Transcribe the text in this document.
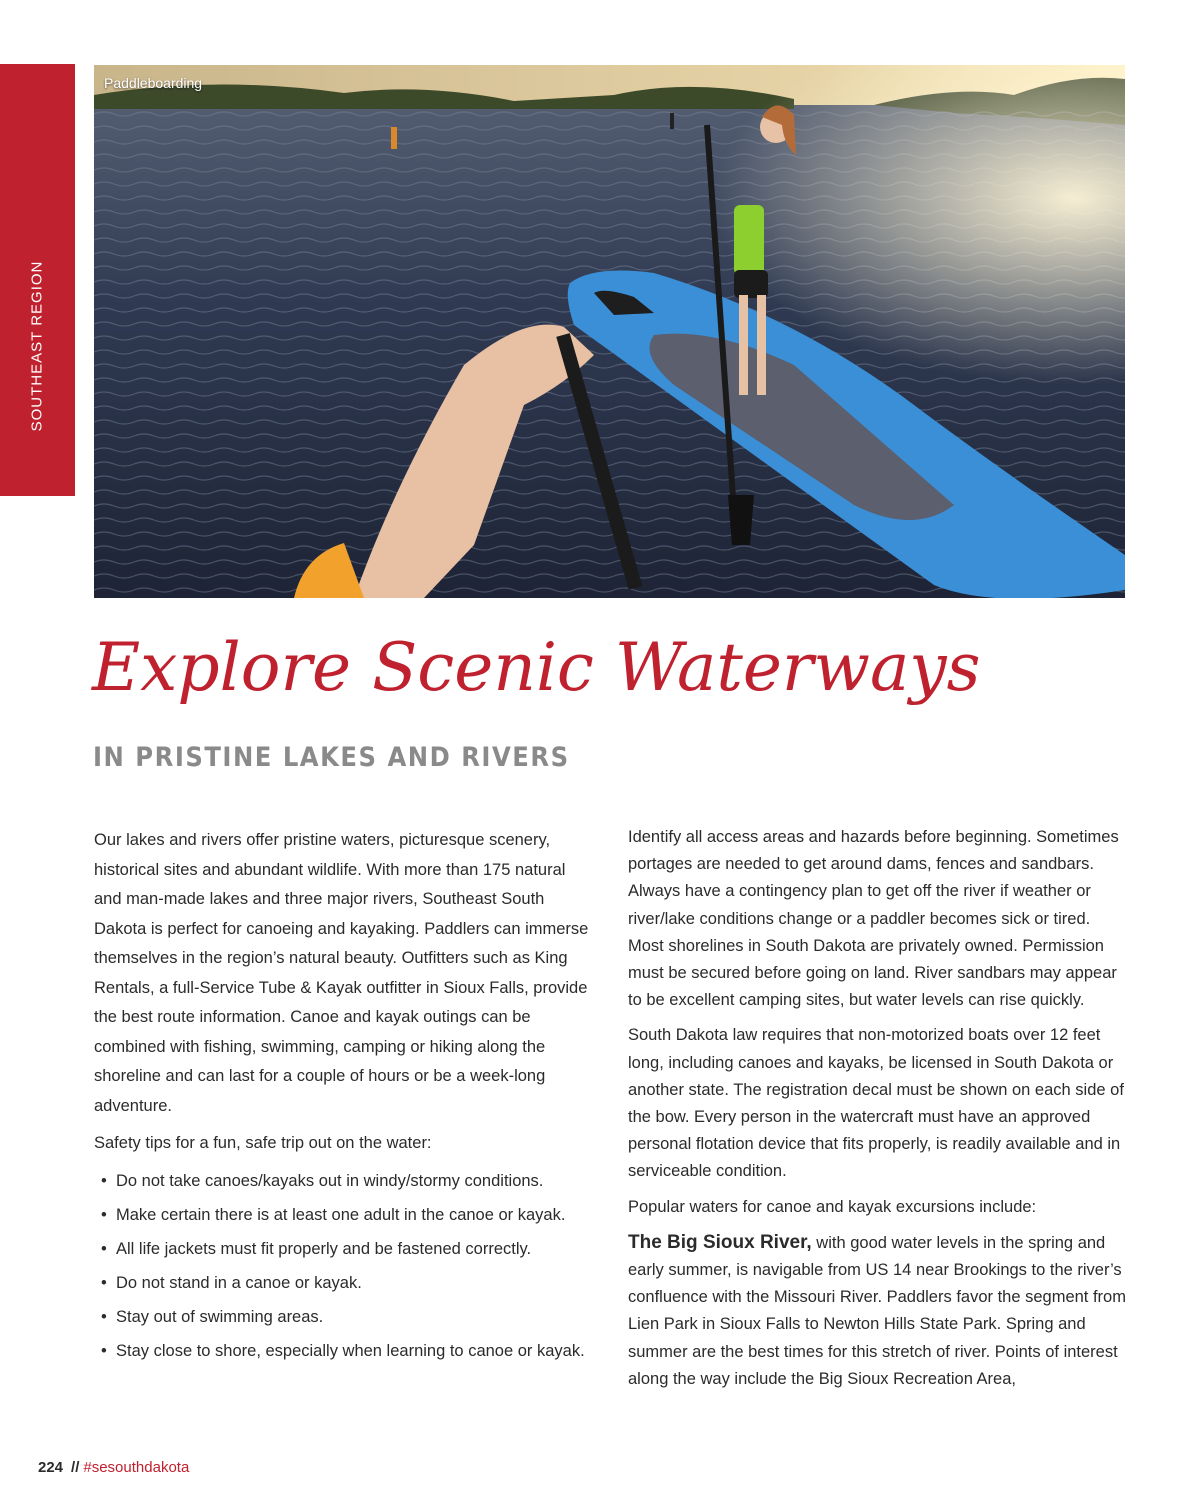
SOUTHEAST REGION
Paddleboarding
Explore Scenic Waterways
IN PRISTINE LAKES AND RIVERS

Our lakes and rivers offer pristine waters, picturesque scenery, historical sites and abundant wildlife. With more than 175 natural and man-made lakes and three major rivers, Southeast South Dakota is perfect for canoeing and kayaking. Paddlers can immerse themselves in the region’s natural beauty. Outfitters such as King Rentals, a full-Service Tube & Kayak outfitter in Sioux Falls, provide the best route information. Canoe and kayak outings can be combined with fishing, swimming, camping or hiking along the shoreline and can last for a couple of hours or be a week-long adventure.

Safety tips for a fun, safe trip out on the water:

• Do not take canoes/kayaks out in windy/stormy conditions.
• Make certain there is at least one adult in the canoe or kayak.
• All life jackets must fit properly and be fastened correctly.
• Do not stand in a canoe or kayak.
• Stay out of swimming areas.
• Stay close to shore, especially when learning to canoe or kayak.

Identify all access areas and hazards before beginning. Sometimes portages are needed to get around dams, fences and sandbars. Always have a contingency plan to get off the river if weather or river/lake conditions change or a paddler becomes sick or tired. Most shorelines in South Dakota are privately owned. Permission must be secured before going on land. River sandbars may appear to be excellent camping sites, but water levels can rise quickly.

South Dakota law requires that non-motorized boats over 12 feet long, including canoes and kayaks, be licensed in South Dakota or another state. The registration decal must be shown on each side of the bow. Every person in the watercraft must have an approved personal flotation device that fits properly, is readily available and in serviceable condition.

Popular waters for canoe and kayak excursions include:

The Big Sioux River, with good water levels in the spring and early summer, is navigable from US 14 near Brookings to the river’s confluence with the Missouri River. Paddlers favor the segment from Lien Park in Sioux Falls to Newton Hills State Park. Spring and summer are the best times for this stretch of river. Points of interest along the way include the Big Sioux Recreation Area,

224 // #sesouthdakota
